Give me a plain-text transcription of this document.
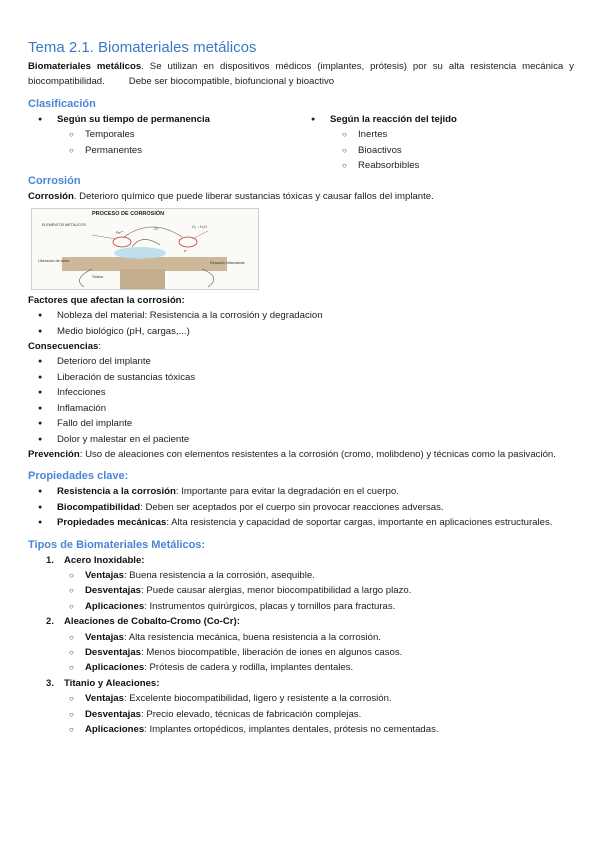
Tema 2.1. Biomateriales metálicos

Biomateriales metálicos. Se utilizan en dispositivos médicos (implantes, prótesis) por su alta resistencia mecánica y biocompatibilidad.	Debe ser biocompatible, biofuncional y bioactivo

Clasificación
● Según su tiempo de permanencia
○ Temporales
○ Permanentes
● Según la reacción del tejido
○ Inertes
○ Bioactivos
○ Reabsorbibles
Corrosión

Corrosión. Deterioro químico que puede liberar sustancias tóxicas y causar fallos del implante.

PROCESO DE CORROSIÓN
ELEMENTOS METÁLICOS	O₂ ↓ H₂O
Fe²⁺
Cl⁻
e⁻
Liberación de iones
Óxidos
Reacción inflamatoria

Factores que afectan la corrosión:

● Nobleza del material: Resistencia a la corrosión y degradacion
● Medio biológico (pH, cargas,...)

Consecuencias:

● Deterioro del implante
● Liberación de sustancias tóxicas
● Infecciones
● Inflamación
● Fallo del implante
● Dolor y malestar en el paciente

Prevención: Uso de aleaciones con elementos resistentes a la corrosión (cromo, molibdeno) y técnicas como la pasivación.

Propiedades clave:
● Resistencia a la corrosión: Importante para evitar la degradación en el cuerpo.
● Biocompatibilidad: Deben ser aceptados por el cuerpo sin provocar reacciones adversas.
● Propiedades mecánicas: Alta resistencia y capacidad de soportar cargas, importante en aplicaciones estructurales.
Tipos de Biomateriales Metálicos:
1. Acero Inoxidable:
○ Ventajas: Buena resistencia a la corrosión, asequible.
○ Desventajas: Puede causar alergias, menor biocompatibilidad a largo plazo.
○ Aplicaciones: Instrumentos quirúrgicos, placas y tornillos para fracturas.
2. Aleaciones de Cobalto-Cromo (Co-Cr):
○ Ventajas: Alta resistencia mecánica, buena resistencia a la corrosión.
○ Desventajas: Menos biocompatible, liberación de iones en algunos casos.
○ Aplicaciones: Prótesis de cadera y rodilla, implantes dentales.
3. Titanio y Aleaciones:
○ Ventajas: Excelente biocompatibilidad, ligero y resistente a la corrosión.
○ Desventajas: Precio elevado, técnicas de fabricación complejas.
○ Aplicaciones: Implantes ortopédicos, implantes dentales, prótesis no cementadas.
